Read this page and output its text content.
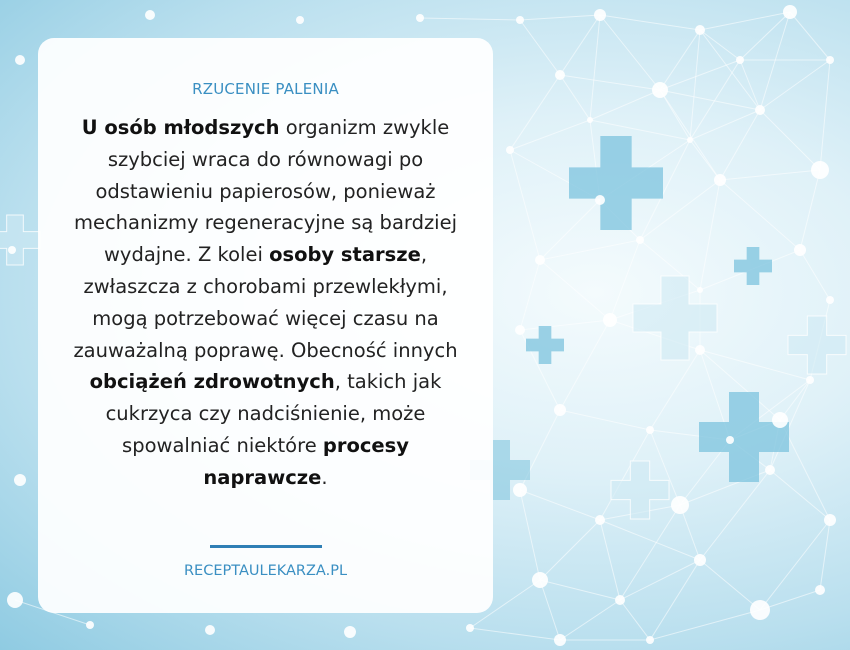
RZUCENIE PALENIA
U osób młodszych organizm zwykle szybciej wraca do równowagi po odstawieniu papierosów, ponieważ mechanizmy regeneracyjne są bardziej wydajne. Z kolei osoby starsze, zwłaszcza z chorobami przewlekłymi, mogą potrzebować więcej czasu na zauważalną poprawę. Obecność innych obciążeń zdrowotnych, takich jak cukrzyca czy nadciśnienie, może spowalniać niektóre procesy naprawcze.
RECEPTAULEKARZA.PL
